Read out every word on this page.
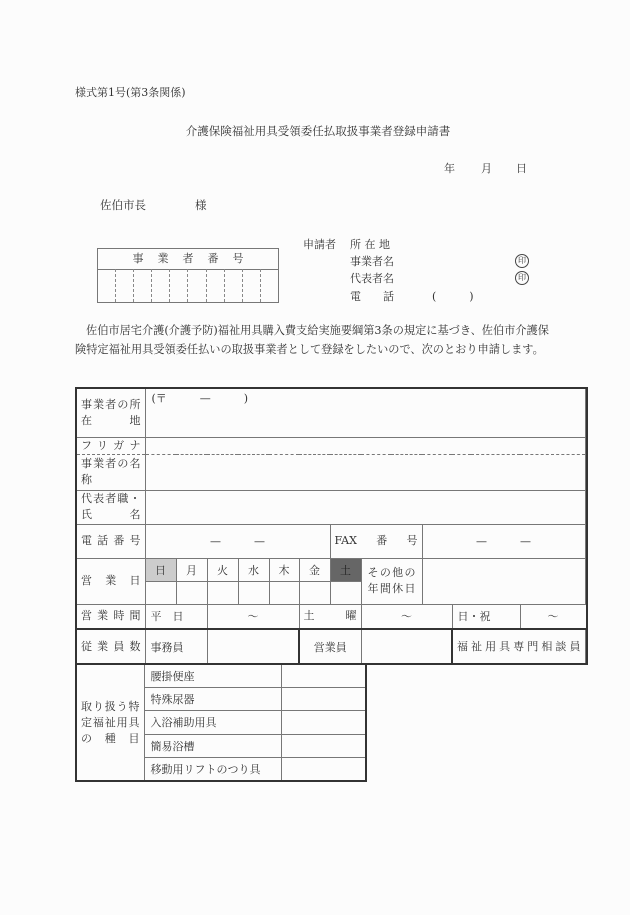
様式第1号(第3条関係)
介護保険福祉用具受領委任払取扱事業者登録申請書
年 月 日
佐伯市長	様
事業者番号
申請者 所 在 地
事業者名	印
代表者名	印
電　　話	(　　　)
佐伯市居宅介護(介護予防)福祉用具購入費支給実施要綱第3条の規定に基づき、佐伯市介護保険特定福祉用具受領委任払いの取扱事業者として登録をしたいので、次のとおり申請します。
事業者の所在地	(〒　　　—　　　)											
フリガナ												
事業者の名称												
代表者職・氏名												
電話番号	—　　　—						FAX番号		—　　　—			
営業日	日	月	火	水	木	金	土	その他の年間休日				

営業時間	平　日		～			土　曜		～		日・祝	～	
従業員数	事務員					営業員				福祉用具専門相談員		
取り扱う特定福祉用具の種目	腰掛便座	
	特殊尿器	
	入浴補助用具	
	簡易浴槽	
	移動用リフトのつり具	
